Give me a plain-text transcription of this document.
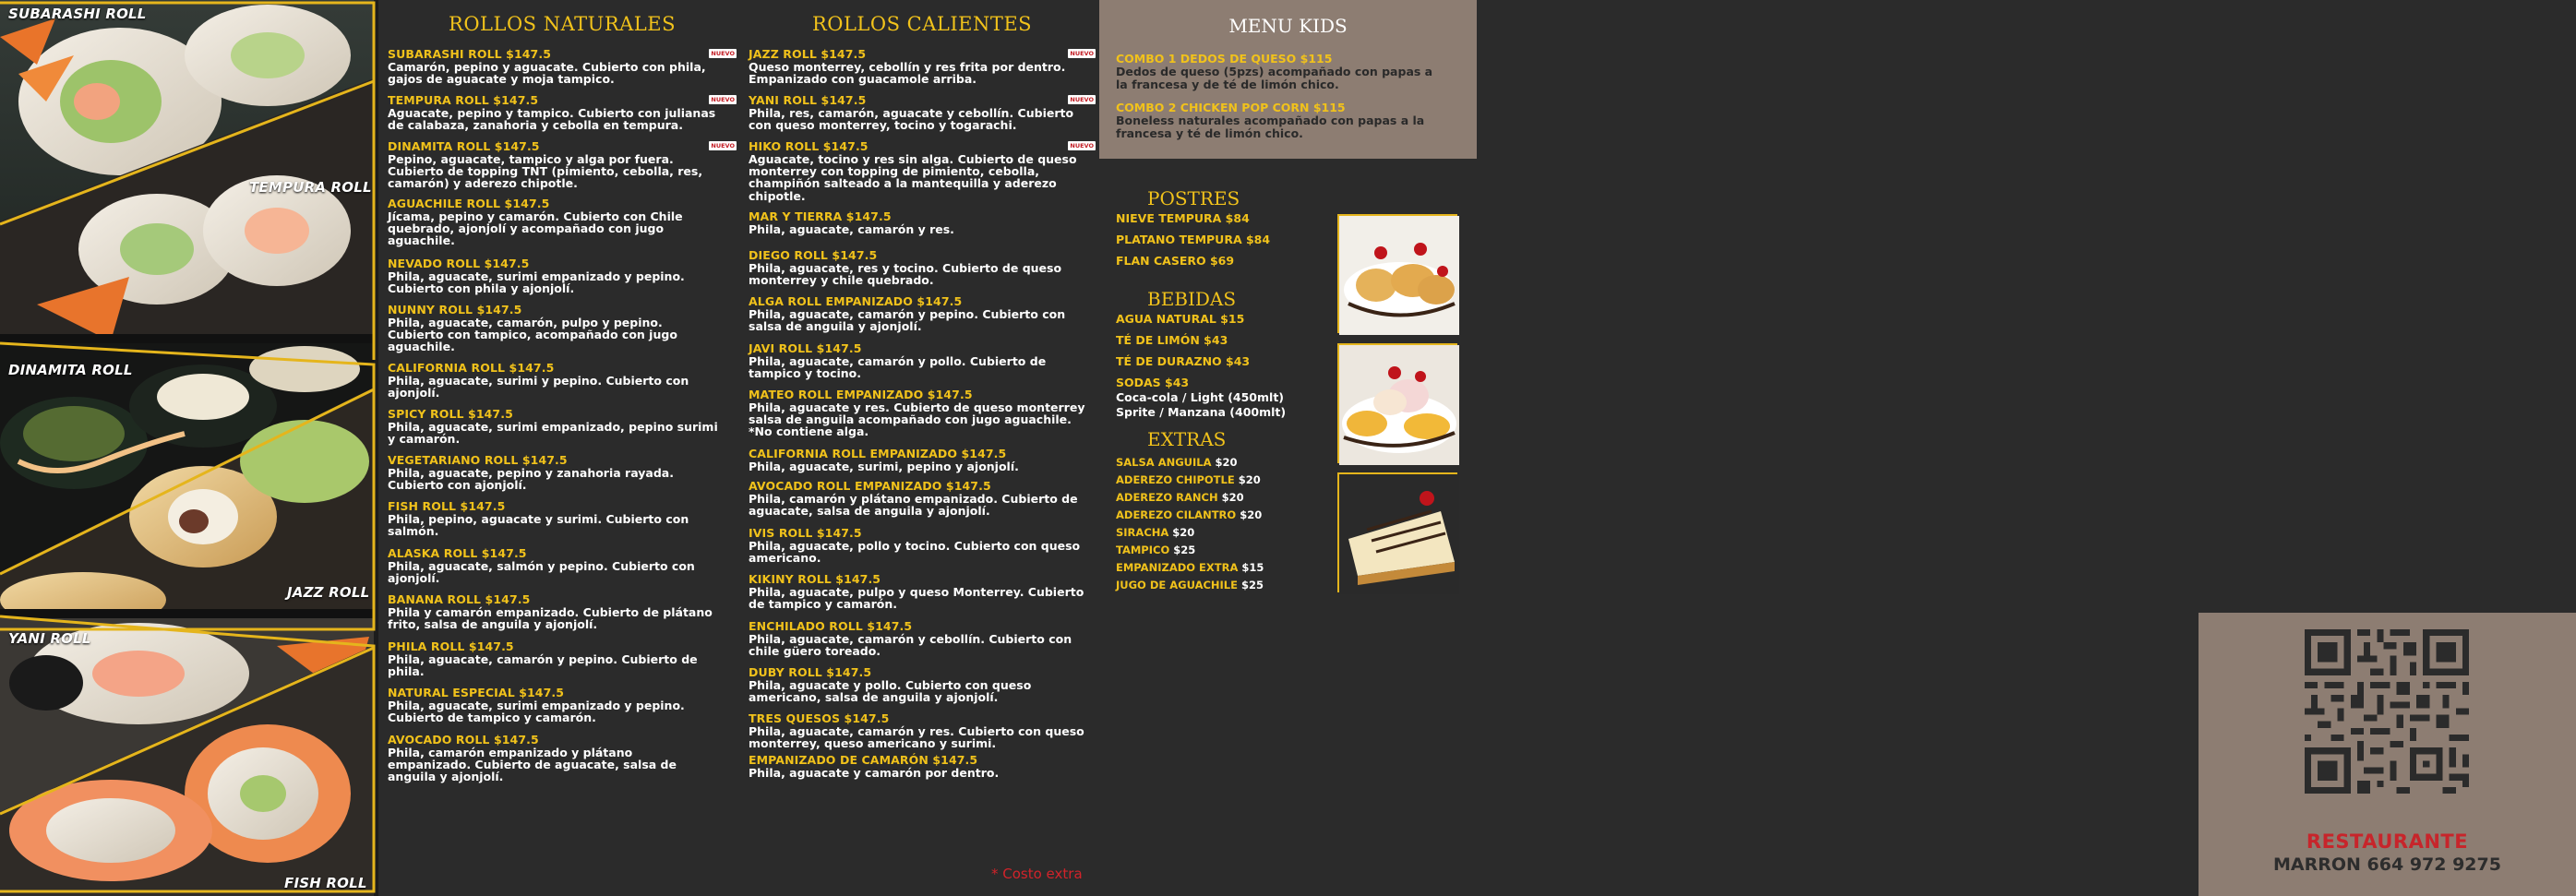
SUBARASHI ROLL
TEMPURA ROLL
DINAMITA ROLL
JAZZ ROLL
YANI ROLL
FISH ROLL
ROLLOS NATURALES
SUBARASHI ROLL $147.5
Camarón, pepino y aguacate. Cubierto con phila,
gajos de aguacate y moja tampico.
NUEVO
TEMPURA ROLL $147.5
Aguacate, pepino y tampico. Cubierto con julianas
de calabaza, zanahoria y cebolla en tempura.
NUEVO
DINAMITA ROLL $147.5
Pepino, aguacate, tampico y alga por fuera.
Cubierto de topping TNT (pimiento, cebolla, res,
camarón) y aderezo chipotle.
NUEVO
AGUACHILE ROLL $147.5
Jícama, pepino y camarón. Cubierto con Chile
quebrado, ajonjolí y acompañado con jugo
aguachile.
NEVADO ROLL $147.5
Phila, aguacate, surimi empanizado y pepino.
Cubierto con phila y ajonjolí.
NUNNY ROLL $147.5
Phila, aguacate, camarón, pulpo y pepino.
Cubierto con tampico, acompañado con jugo
aguachile.
CALIFORNIA ROLL $147.5
Phila, aguacate, surimi y pepino. Cubierto con
ajonjolí.
SPICY ROLL $147.5
Phila, aguacate, surimi empanizado, pepino surimi
y camarón.
VEGETARIANO ROLL $147.5
Phila, aguacate, pepino y zanahoria rayada.
Cubierto con ajonjolí.
FISH ROLL $147.5
Phila, pepino, aguacate y surimi. Cubierto con
salmón.
ALASKA ROLL $147.5
Phila, aguacate, salmón y pepino. Cubierto con
ajonjolí.
BANANA ROLL $147.5
Phila y camarón empanizado. Cubierto de plátano
frito, salsa de anguila y ajonjolí.
PHILA ROLL $147.5
Phila, aguacate, camarón y pepino. Cubierto de
phila.
NATURAL ESPECIAL $147.5
Phila, aguacate, surimi empanizado y pepino.
Cubierto de tampico y camarón.
AVOCADO ROLL $147.5
Phila, camarón empanizado y plátano
empanizado. Cubierto de aguacate, salsa de
anguila y ajonjolí.
ROLLOS CALIENTES
JAZZ ROLL $147.5
Queso monterrey, cebollín y res frita por dentro.
Empanizado con guacamole arriba.
NUEVO
YANI ROLL $147.5
Phila, res, camarón, aguacate y cebollín. Cubierto
con queso monterrey, tocino y togarachi.
NUEVO
HIKO ROLL $147.5
Aguacate, tocino y res sin alga. Cubierto de queso
monterrey con topping de pimiento, cebolla,
champiñón salteado a la mantequilla y aderezo
chipotle.
NUEVO
MAR Y TIERRA $147.5
Phila, aguacate, camarón y res.
DIEGO ROLL $147.5
Phila, aguacate, res y tocino. Cubierto de queso
monterrey y chile quebrado.
ALGA ROLL EMPANIZADO $147.5
Phila, aguacate, camarón y pepino. Cubierto con
salsa de anguila y ajonjolí.
JAVI ROLL $147.5
Phila, aguacate, camarón y pollo. Cubierto de
tampico y tocino.
MATEO ROLL EMPANIZADO $147.5
Phila, aguacate y res. Cubierto de queso monterrey
salsa de anguila acompañado con jugo aguachile.
*No contiene alga.
CALIFORNIA ROLL EMPANIZADO $147.5
Phila, aguacate, surimi, pepino y ajonjolí.
AVOCADO ROLL EMPANIZADO $147.5
Phila, camarón y plátano empanizado. Cubierto de
aguacate, salsa de anguila y ajonjolí.
IVIS ROLL $147.5
Phila, aguacate, pollo y tocino. Cubierto con queso
americano.
KIKINY ROLL $147.5
Phila, aguacate, pulpo y queso Monterrey. Cubierto
de tampico y camarón.
ENCHILADO ROLL $147.5
Phila, aguacate, camarón y cebollín. Cubierto con
chile güero toreado.
DUBY ROLL $147.5
Phila, aguacate y pollo. Cubierto con queso
americano, salsa de anguila y ajonjolí.
TRES QUESOS $147.5
Phila, aguacate, camarón y res. Cubierto con queso
monterrey, queso americano y surimi.
EMPANIZADO DE CAMARÓN $147.5
Phila, aguacate y camarón por dentro.
MENU KIDS
COMBO 1 DEDOS DE QUESO $115
Dedos de queso (5pzs) acompañado con papas a
la francesa y de té de limón chico.
COMBO 2 CHICKEN POP CORN $115
Boneless naturales acompañado con papas a la
francesa y té de limón chico.
POSTRES
NIEVE TEMPURA $84
PLATANO TEMPURA $84
FLAN CASERO $69
BEBIDAS
AGUA NATURAL $15
TÉ DE LIMÓN $43
TÉ DE DURAZNO $43
SODAS $43
Coca-cola / Light (450mlt)
Sprite / Manzana (400mlt)
EXTRAS
SALSA ANGUILA $20
ADEREZO CHIPOTLE $20
ADEREZO RANCH $20
ADEREZO CILANTRO $20
SIRACHA $20
TAMPICO $25
EMPANIZADO EXTRA $15
JUGO DE AGUACHILE $25
RESTAURANTE
MARRON 664 972 9275
* Costo extra
